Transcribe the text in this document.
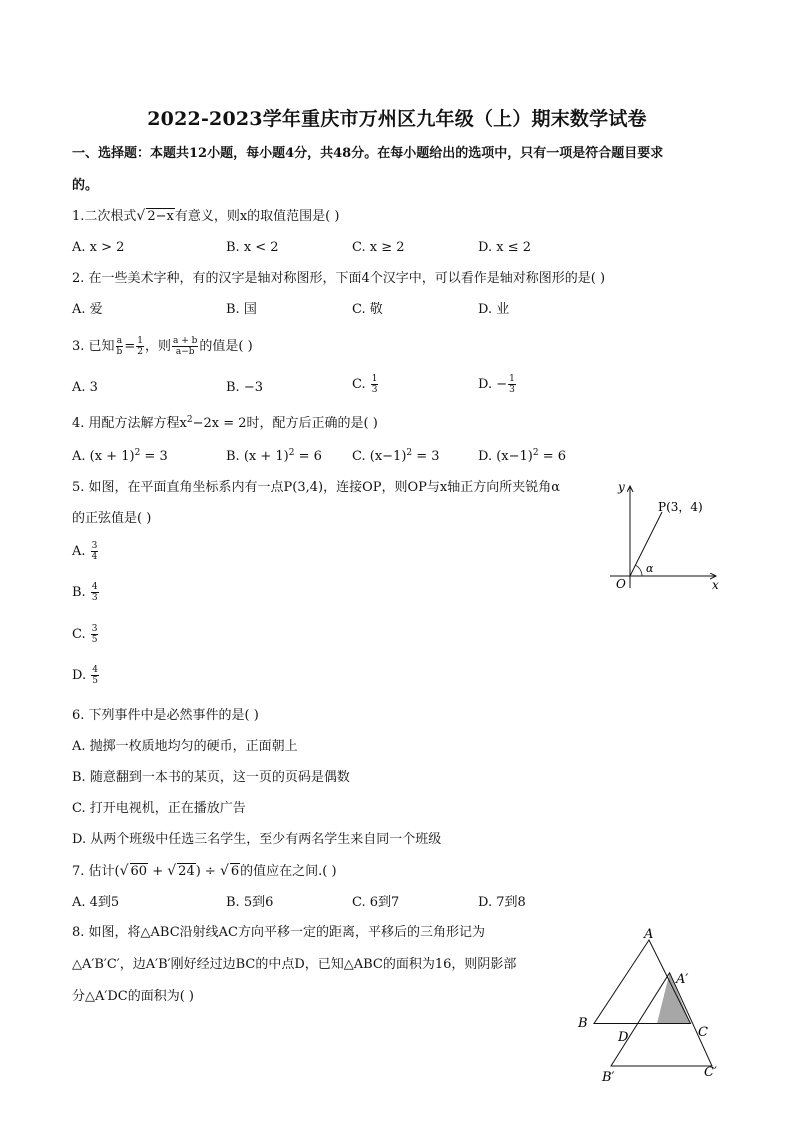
2022-2023学年重庆市万州区九年级（上）期末数学试卷
一、选择题：本题共12小题，每小题4分，共48分。在每小题给出的选项中，只有一项是符合题目要求
的。
1.二次根式√ 2−x有意义，则x的取值范围是( )
A. x > 2	B. x < 2	C. x ≥ 2	D. x ≤ 2
2. 在一些美术字种，有的汉字是轴对称图形，下面4个汉字中，可以看作是轴对称图形的是( )
A. 爱	B. 国	C. 敬	D. 业
3. 已知 $\frac{a}{b} = \frac{1}{2}$ ，则 $\frac{a + b}{a-b}$ 的值是( )
A. 3	B. −3	C. $\frac{1}{3}$	D. − $\frac{1}{3}$
4. 用配方法解方程$x^2-2x = 2$时，配方后正确的是( )
A. $(x + 1)^2 = 3$	B. $(x + 1)^2 = 6$ C. $(x-1)^2 = 3$	D. $(x-1)^2 = 6$
5. 如图，在平面直角坐标系内有一点P(3,4)，连接OP，则OP与x轴正方向所夹锐角α
的正弦值是( )
A. $\frac{3}{4}$
B. $\frac{4}{3}$
C. $\frac{3}{5}$
D. $\frac{4}{5}$
y
x
O
P(3，4)
α
6. 下列事件中是必然事件的是( )
A. 抛掷一枚质地均匀的硬币，正面朝上
B. 随意翻到一本书的某页，这一页的页码是偶数
C. 打开电视机，正在播放广告
D. 从两个班级中任选三名学生，至少有两名学生来自同一个班级
7. 估计(√ 60 + √ 24) ÷ √ 6的值应在之间.( )
A. 4到5	B. 5到6	C. 6到7	D. 7到8
8. 如图，将△ABC沿射线AC方向平移一定的距离，平移后的三角形记为
△A′B′C′，边A′B′刚好经过边BC的中点D，已知△ABC的面积为16，则阴影部
分△A′DC的面积为( )
A
A′
B
C
D
B′	C′
